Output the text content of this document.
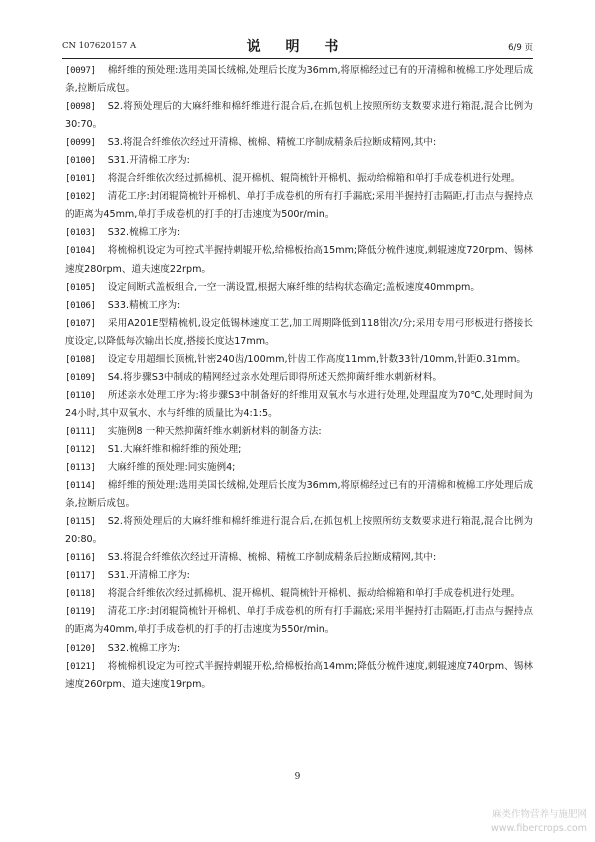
CN 107620157 A	说 明 书	6/9 页

[0097] 棉纤维的预处理:选用美国长绒棉,处理后长度为36mm,将原棉经过已有的开清棉和梳棉工序处理后成条,拉断后成包。

[0098] S2.将预处理后的大麻纤维和棉纤维进行混合后,在抓包机上按照所纺支数要求进行箱混,混合比例为30:70。

[0099] S3.将混合纤维依次经过开清棉、梳棉、精梳工序制成精条后拉断成精网,其中:

[0100] S31.开清棉工序为:

[0101] 将混合纤维依次经过抓棉机、混开棉机、辊筒梳针开棉机、振动给棉箱和单打手成卷机进行处理。

[0102] 清花工序:封闭辊筒梳针开棉机、单打手成卷机的所有打手漏底;采用半握持打击隔距,打击点与握持点的距离为45mm,单打手成卷机的打手的打击速度为500r/min。

[0103] S32.梳棉工序为:

[0104] 将梳棉机设定为可控式半握持刺辊开松,给棉板抬高15mm;降低分梳件速度,刺辊速度720rpm、锡林速度280rpm、道夫速度22rpm。

[0105] 设定间断式盖板组合,一空一满设置,根据大麻纤维的结构状态确定;盖板速度40mmpm。

[0106] S33.精梳工序为:

[0107] 采用A201E型精梳机,设定低锡林速度工艺,加工周期降低到118钳次/分;采用专用弓形板进行搭接长度设定,以降低每次输出长度,搭接长度达17mm。

[0108] 设定专用超细长顶梳,针密240齿/100mm,针齿工作高度11mm,针数33针/10mm,针距0.31mm。

[0109] S4.将步骤S3中制成的精网经过亲水处理后即得所述天然抑菌纤维水刺新材料。

[0110] 所述亲水处理工序为:将步骤S3中制备好的纤维用双氧水与水进行处理,处理温度为70℃,处理时间为24小时,其中双氧水、水与纤维的质量比为4:1:5。

[0111] 实施例8 一种天然抑菌纤维水刺新材料的制备方法:

[0112] S1.大麻纤维和棉纤维的预处理;

[0113] 大麻纤维的预处理:同实施例4;

[0114] 棉纤维的预处理:选用美国长绒棉,处理后长度为36mm,将原棉经过已有的开清棉和梳棉工序处理后成条,拉断后成包。

[0115] S2.将预处理后的大麻纤维和棉纤维进行混合后,在抓包机上按照所纺支数要求进行箱混,混合比例为20:80。

[0116] S3.将混合纤维依次经过开清棉、梳棉、精梳工序制成精条后拉断成精网,其中:

[0117] S31.开清棉工序为:

[0118] 将混合纤维依次经过抓棉机、混开棉机、辊筒梳针开棉机、振动给棉箱和单打手成卷机进行处理。

[0119] 清花工序:封闭辊筒梳针开棉机、单打手成卷机的所有打手漏底;采用半握持打击隔距,打击点与握持点的距离为40mm,单打手成卷机的打手的打击速度为550r/min。

[0120] S32.梳棉工序为:

[0121] 将梳棉机设定为可控式半握持刺辊开松,给棉板抬高14mm;降低分梳件速度,刺辊速度740rpm、锡林速度260rpm、道夫速度19rpm。

9
麻类作物营养与施肥网
www.fibercrops.com
